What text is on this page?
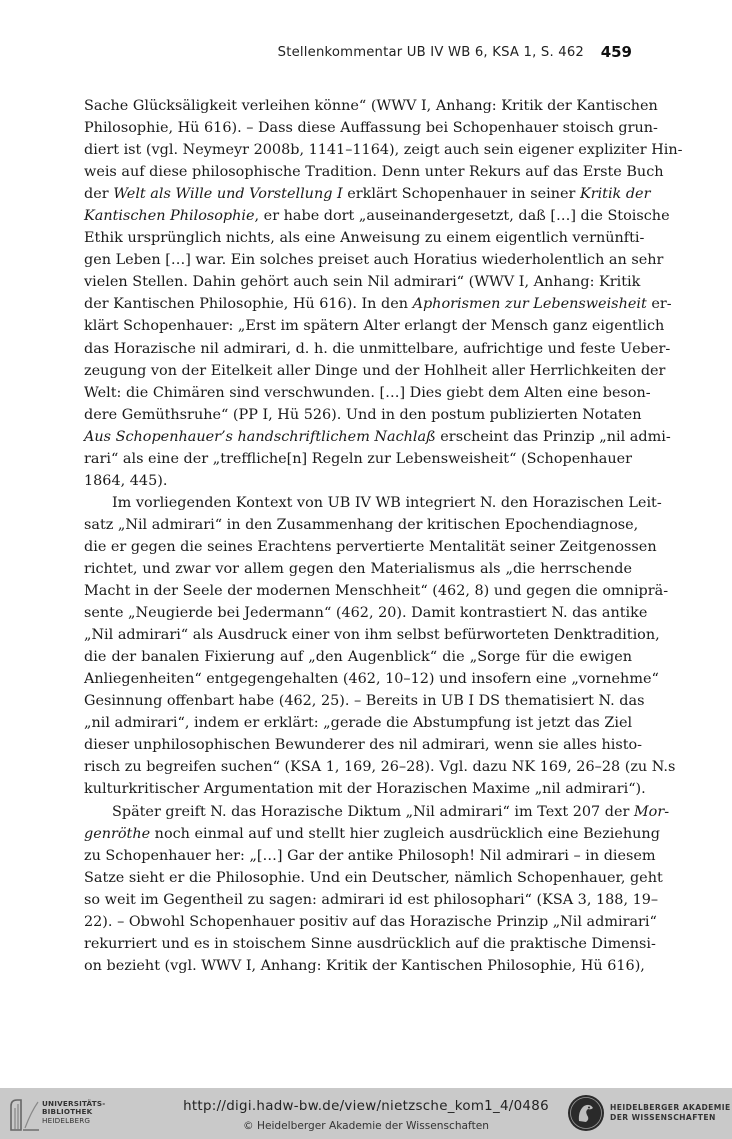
Stellenkommentar UB IV WB 6, KSA 1, S. 462 459

Sache Glücksäligkeit verleihen könne“ (WWV I, Anhang: Kritik der Kantischen
Philosophie, Hü 616). – Dass diese Auffassung bei Schopenhauer stoisch grun-
diert ist (vgl. Neymeyr 2008b, 1141–1164), zeigt auch sein eigener expliziter Hin-
weis auf diese philosophische Tradition. Denn unter Rekurs auf das Erste Buch
der Welt als Wille und Vorstellung I erklärt Schopenhauer in seiner Kritik der
Kantischen Philosophie, er habe dort „auseinandergesetzt, daß […] die Stoische
Ethik ursprünglich nichts, als eine Anweisung zu einem eigentlich vernünfti-
gen Leben […] war. Ein solches preiset auch Horatius wiederholentlich an sehr
vielen Stellen. Dahin gehört auch sein Nil admirari“ (WWV I, Anhang: Kritik
der Kantischen Philosophie, Hü 616). In den Aphorismen zur Lebensweisheit er-
klärt Schopenhauer: „Erst im spätern Alter erlangt der Mensch ganz eigentlich
das Horazische nil admirari, d. h. die unmittelbare, aufrichtige und feste Ueber-
zeugung von der Eitelkeit aller Dinge und der Hohlheit aller Herrlichkeiten der
Welt: die Chimären sind verschwunden. […] Dies giebt dem Alten eine beson-
dere Gemüthsruhe“ (PP I, Hü 526). Und in den postum publizierten Notaten
Aus Schopenhauer’s handschriftlichem Nachlaß erscheint das Prinzip „nil admi-
rari“ als eine der „treffliche[n] Regeln zur Lebensweisheit“ (Schopenhauer
1864, 445).

Im vorliegenden Kontext von UB IV WB integriert N. den Horazischen Leit-
satz „Nil admirari“ in den Zusammenhang der kritischen Epochendiagnose,
die er gegen die seines Erachtens pervertierte Mentalität seiner Zeitgenossen
richtet, und zwar vor allem gegen den Materialismus als „die herrschende
Macht in der Seele der modernen Menschheit“ (462, 8) und gegen die omniprä-
sente „Neugierde bei Jedermann“ (462, 20). Damit kontrastiert N. das antike
„Nil admirari“ als Ausdruck einer von ihm selbst befürworteten Denktradition,
die der banalen Fixierung auf „den Augenblick“ die „Sorge für die ewigen
Anliegenheiten“ entgegengehalten (462, 10–12) und insofern eine „vornehme“
Gesinnung offenbart habe (462, 25). – Bereits in UB I DS thematisiert N. das
„nil admirari“, indem er erklärt: „gerade die Abstumpfung ist jetzt das Ziel
dieser unphilosophischen Bewunderer des nil admirari, wenn sie alles histo-
risch zu begreifen suchen“ (KSA 1, 169, 26–28). Vgl. dazu NK 169, 26–28 (zu N.s
kulturkritischer Argumentation mit der Horazischen Maxime „nil admirari“).

Später greift N. das Horazische Diktum „Nil admirari“ im Text 207 der Mor-
genröthe noch einmal auf und stellt hier zugleich ausdrücklich eine Beziehung
zu Schopenhauer her: „[…] Gar der antike Philosoph! Nil admirari – in diesem
Satze sieht er die Philosophie. Und ein Deutscher, nämlich Schopenhauer, geht
so weit im Gegentheil zu sagen: admirari id est philosophari“ (KSA 3, 188, 19–
22). – Obwohl Schopenhauer positiv auf das Horazische Prinzip „Nil admirari“
rekurriert und es in stoischem Sinne ausdrücklich auf die praktische Dimensi-
on bezieht (vgl. WWV I, Anhang: Kritik der Kantischen Philosophie, Hü 616),

UNIVERSITÄTS-
BIBLIOTHEK
HEIDELBERG
http://digi.hadw-bw.de/view/nietzsche_kom1_4/0486
© Heidelberger Akademie der Wissenschaften
HEIDELBERGER AKADEMIE
DER WISSENSCHAFTEN
